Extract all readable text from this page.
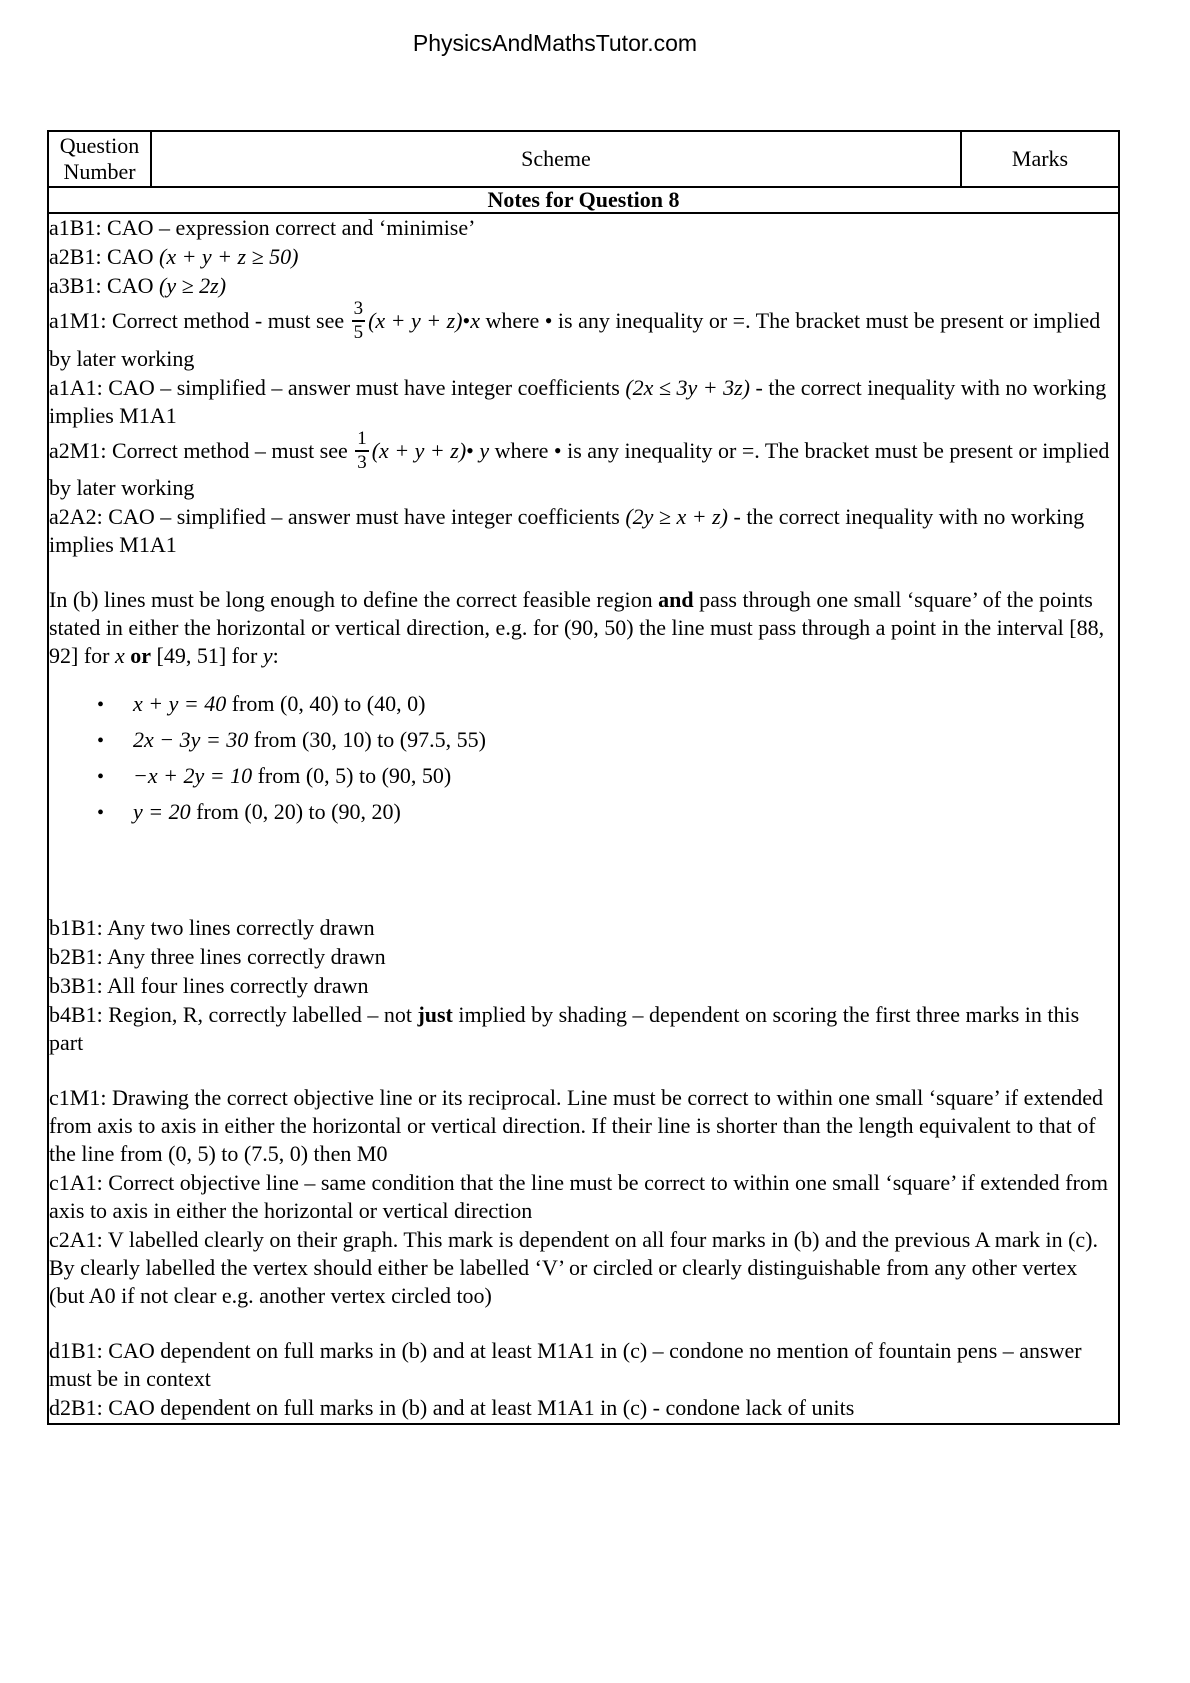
PhysicsAndMathsTutor.com
Question Number	Scheme	Marks
Notes for Question 8

a1B1: CAO – expression correct and ‘minimise’
a2B1: CAO (x + y + z ≥ 50)
a3B1: CAO (y ≥ 2z)
a1M1: Correct method - must see $\frac{3}{5} (x + y$ + z)•x where • is any inequality or =. The bracket must be present or implied by later working
a1A1: CAO – simplified – answer must have integer coefficients (2x ≤ 3y + 3z) - the correct inequality with no working implies M1A1
a2M1: Correct method – must see $\frac{1}{3} (x + y$ + z)• y where • is any inequality or =. The bracket must be present or implied by later working
a2A2: CAO – simplified – answer must have integer coefficients (2y ≥ x + z) - the correct inequality with no working implies M1A1
In (b) lines must be long enough to define the correct feasible region and pass through one small ‘square’ of the points stated in either the horizontal or vertical direction, e.g. for (90, 50) the line must pass through a point in the interval [88, 92] for x or [49, 51] for y:
• x + y = 40 from (0, 40) to (40, 0)
• 2x − 3y = 30 from (30, 10) to (97.5, 55)
• −x + 2y = 10 from (0, 5) to (90, 50)
• y = 20 from (0, 20) to (90, 20)
b1B1: Any two lines correctly drawn
b2B1: Any three lines correctly drawn
b3B1: All four lines correctly drawn
b4B1: Region, R, correctly labelled – not just implied by shading – dependent on scoring the first three marks in this part
c1M1: Drawing the correct objective line or its reciprocal. Line must be correct to within one small ‘square’ if extended from axis to axis in either the horizontal or vertical direction. If their line is shorter than the length equivalent to that of the line from (0, 5) to (7.5, 0) then M0
c1A1: Correct objective line – same condition that the line must be correct to within one small ‘square’ if extended from axis to axis in either the horizontal or vertical direction
c2A1: V labelled clearly on their graph. This mark is dependent on all four marks in (b) and the previous A mark in (c). By clearly labelled the vertex should either be labelled ‘V’ or circled or clearly distinguishable from any other vertex (but A0 if not clear e.g. another vertex circled too)
d1B1: CAO dependent on full marks in (b) and at least M1A1 in (c) – condone no mention of fountain pens – answer must be in context
d2B1: CAO dependent on full marks in (b) and at least M1A1 in (c) - condone lack of units
